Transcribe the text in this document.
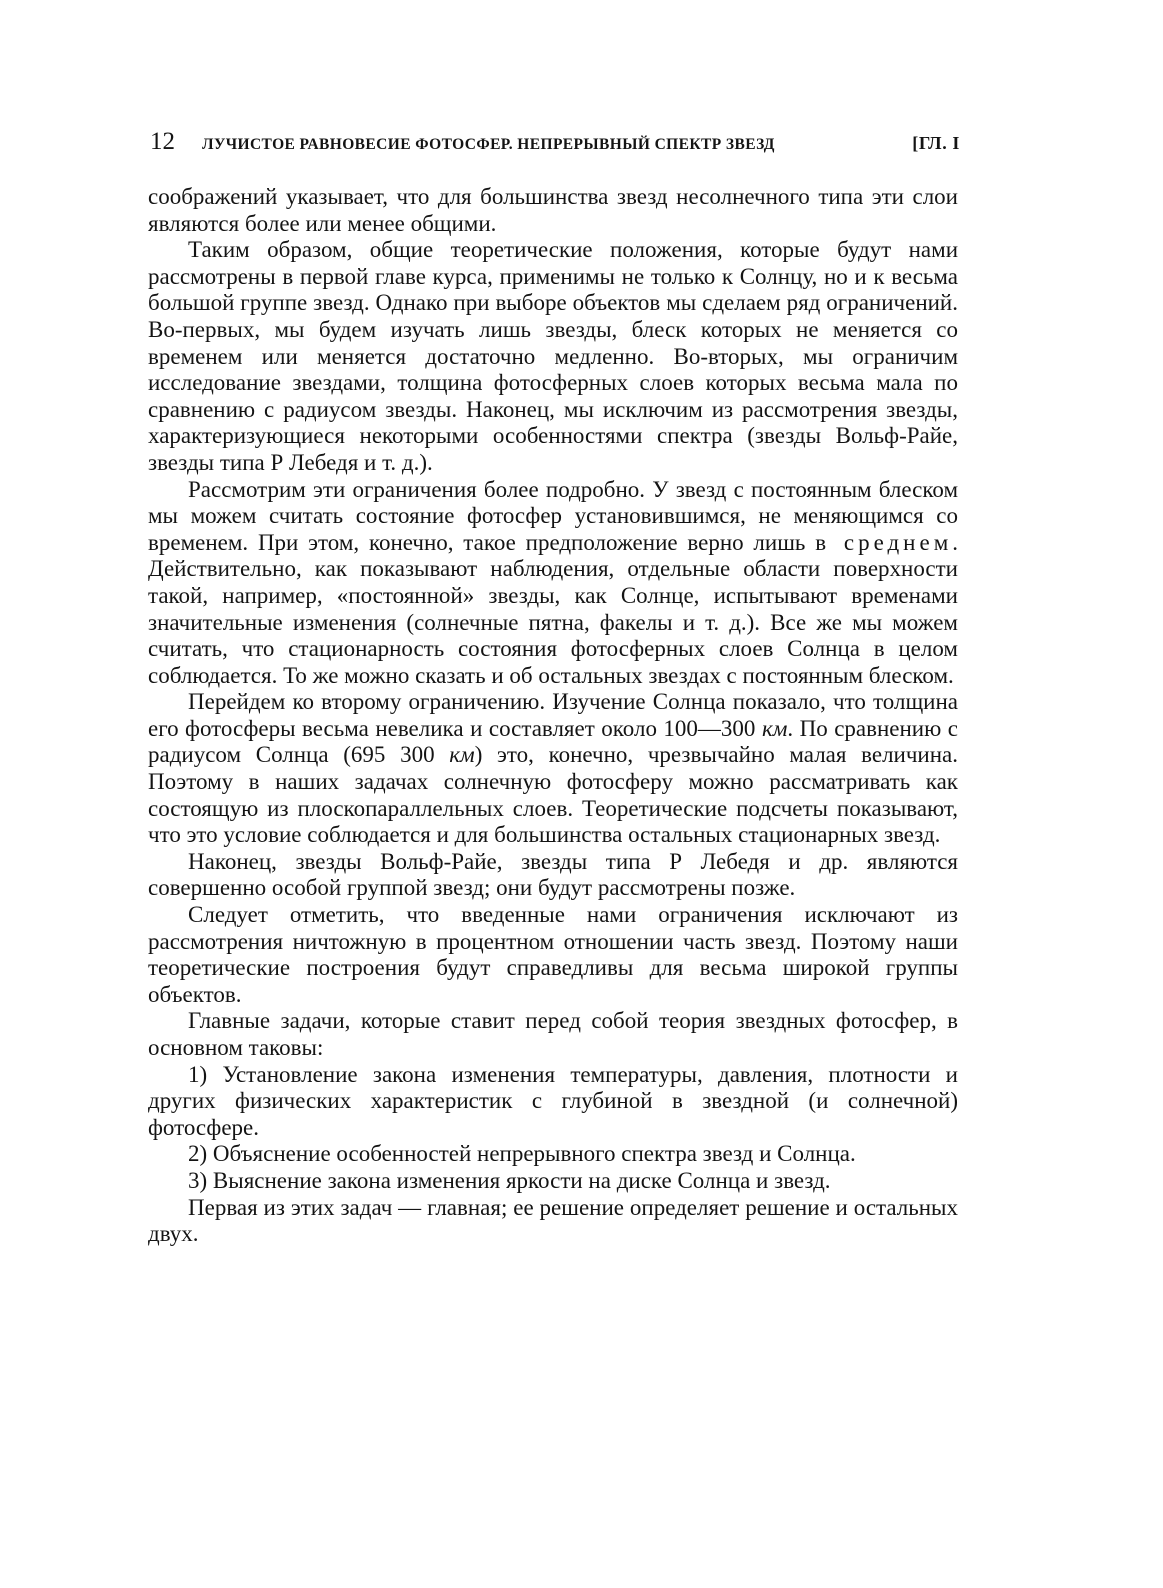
12	ЛУЧИСТОЕ РАВНОВЕСИЕ ФОТОСФЕР. НЕПРЕРЫВНЫЙ СПЕКТР ЗВЕЗД	[ГЛ. I

соображений указывает, что для большинства звезд несолнечного типа эти слои являются более или менее общими.

Таким образом, общие теоретические положения, которые будут нами рассмотрены в первой главе курса, применимы не только к Солнцу, но и к весьма большой группе звезд. Однако при выборе объектов мы сделаем ряд ограничений. Во-первых, мы будем изучать лишь звезды, блеск которых не меняется со временем или меняется достаточно медленно. Во-вторых, мы ограничим исследование звездами, толщина фотосферных слоев которых весьма мала по сравнению с радиусом звезды. Наконец, мы исключим из рассмотрения звезды, характеризующиеся некоторыми особенностями спектра (звезды Вольф-Райе, звезды типа Р Лебедя и т. д.).

Рассмотрим эти ограничения более подробно. У звезд с постоянным блеском мы можем считать состояние фотосфер установившимся, не меняющимся со временем. При этом, конечно, такое предположение верно лишь в среднем. Действительно, как показывают наблюдения, отдельные области поверхности такой, например, «постоянной» звезды, как Солнце, испытывают временами значительные изменения (солнечные пятна, факелы и т. д.). Все же мы можем считать, что стационарность состояния фотосферных слоев Солнца в целом соблюдается. То же можно сказать и об остальных звездах с постоянным блеском.

Перейдем ко второму ограничению. Изучение Солнца показало, что толщина его фотосферы весьма невелика и составляет около 100—300 км. По сравнению с радиусом Солнца (695 300 км) это, конечно, чрезвычайно малая величина. Поэтому в наших задачах солнечную фотосферу можно рассматривать как состоящую из плоскопараллельных слоев. Теоретические подсчеты показывают, что это условие соблюдается и для большинства остальных стационарных звезд.

Наконец, звезды Вольф-Райе, звезды типа Р Лебедя и др. являются совершенно особой группой звезд; они будут рассмотрены позже.

Следует отметить, что введенные нами ограничения исключают из рассмотрения ничтожную в процентном отношении часть звезд. Поэтому наши теоретические построения будут справедливы для весьма широкой группы объектов.

Главные задачи, которые ставит перед собой теория звездных фотосфер, в основном таковы:

1) Установление закона изменения температуры, давления, плотности и других физических характеристик с глубиной в звездной (и солнечной) фотосфере.

2) Объяснение особенностей непрерывного спектра звезд и Солнца.

3) Выяснение закона изменения яркости на диске Солнца и звезд.

Первая из этих задач — главная; ее решение определяет решение и остальных двух.
